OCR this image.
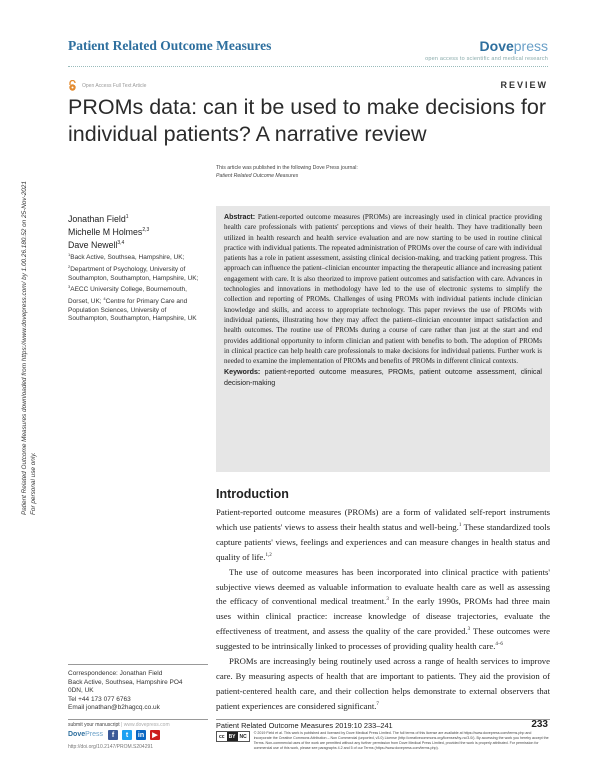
Patient Related Outcome Measures	Dovepress
open access to scientific and medical research
Open Access Full Text Article	REVIEW
PROMs data: can it be used to make decisions for individual patients? A narrative review
This article was published in the following Dove Press journal:
Patient Related Outcome Measures
Patient Related Outcome Measures downloaded from https://www.dovepress.com/ by 1.00.26.180.52 on 25-Nov-2021 For personal use only.
Jonathan Field$^1$
Michelle M Holmes$^{2,3}$
Dave Newell$^{3,4}$
$^1$Back Active, Southsea, Hampshire, UK; $^2$Department of Psychology, University of Southampton, Southampton, Hampshire, UK; $^3$AECC University College, Bournemouth, Dorset, UK; $^4$Centre for Primary Care and Population Sciences, University of Southampton, Southampton, Hampshire, UK

Abstract: Patient-reported outcome measures (PROMs) are increasingly used in clinical practice providing health care professionals with patients' perceptions and views of their health. They have traditionally been utilized in health research and health service evaluation and are now starting to be used in routine clinical practice with individual patients. The repeated administration of PROMs over the course of care with individual patients has a role in patient assessment, assisting clinical decision-making, and tracking patient progress. This approach can influence the patient–clinician encounter impacting the therapeutic alliance and increasing patient engagement with care. It is also theorized to improve patient outcomes and satisfaction with care. Advances in technologies and innovations in methodology have led to the use of electronic systems to simplify the collection and reporting of PROMs. Challenges of using PROMs with individual patients include clinician knowledge and skills, and access to appropriate technology. This paper reviews the use of PROMs with individual patients, illustrating how they may affect the patient–clinician encounter impact satisfaction and health outcomes. The routine use of PROMs during a course of care rather than just at the start and end provides additional opportunity to inform clinician and patient with benefits to both. The adoption of PROMs in clinical practice can help health care professionals to make decisions for individual patients. Further work is needed to examine the implementation of PROMs and benefits of PROMs in different clinical contexts.

Keywords: patient-reported outcome measures, PROMs, patient outcome assessment, clinical decision-making

Introduction

Patient-reported outcome measures (PROMs) are a form of validated self-report instruments which use patients' views to assess their health status and well-being.$^1$ These standardized tools capture patients' views, feelings and experiences and can measure changes in health status and quality of life.$^{1,2}$

The use of outcome measures has been incorporated into clinical practice with patients' subjective views deemed as valuable information to evaluate health care as well as assessing the efficacy of conventional medical treatment.$^3$ In the early 1990s, PROMs had three main uses within clinical practice: increase knowledge of disease trajectories, evaluate the effectiveness of treatment, and assess the quality of the care provided.$^3$ These outcomes were suggested to be intrinsically linked to processes of providing quality health care.$^{4-6}$

PROMs are increasingly being routinely used across a range of health services to improve care. By measuring aspects of health that are important to patients. They aid the provision of patient-centered health care, and their collection helps demonstrate to external observers that patient experiences are considered significant.$^7$

Correspondence: Jonathan Field
Back Active, Southsea, Hampshire PO4
0DN, UK
Tel +44 173 077 6763
Email jonathan@b2hagcq.co.uk
submit your manuscript | www.dovepress.com
DovePress	f	t	in	▶
http://doi.org/10.2147/PROM.S204291
Patient Related Outcome Measures 2019:10 233–241	233
cc BY NC
© 2019 Field et al. This work is published and licensed by Dove Medical Press Limited. The full terms of this license are available at https://www.dovepress.com/terms.php and incorporate the Creative Commons Attribution – Non Commercial (unported, v3.0) License (http://creativecommons.org/licenses/by-nc/3.0/). By accessing the work you hereby accept the Terms. Non-commercial uses of the work are permitted without any further permission from Dove Medical Press Limited, provided the work is properly attributed. For permission for commercial use of this work, please see paragraphs 4.2 and 5 of our Terms (https://www.dovepress.com/terms.php).
